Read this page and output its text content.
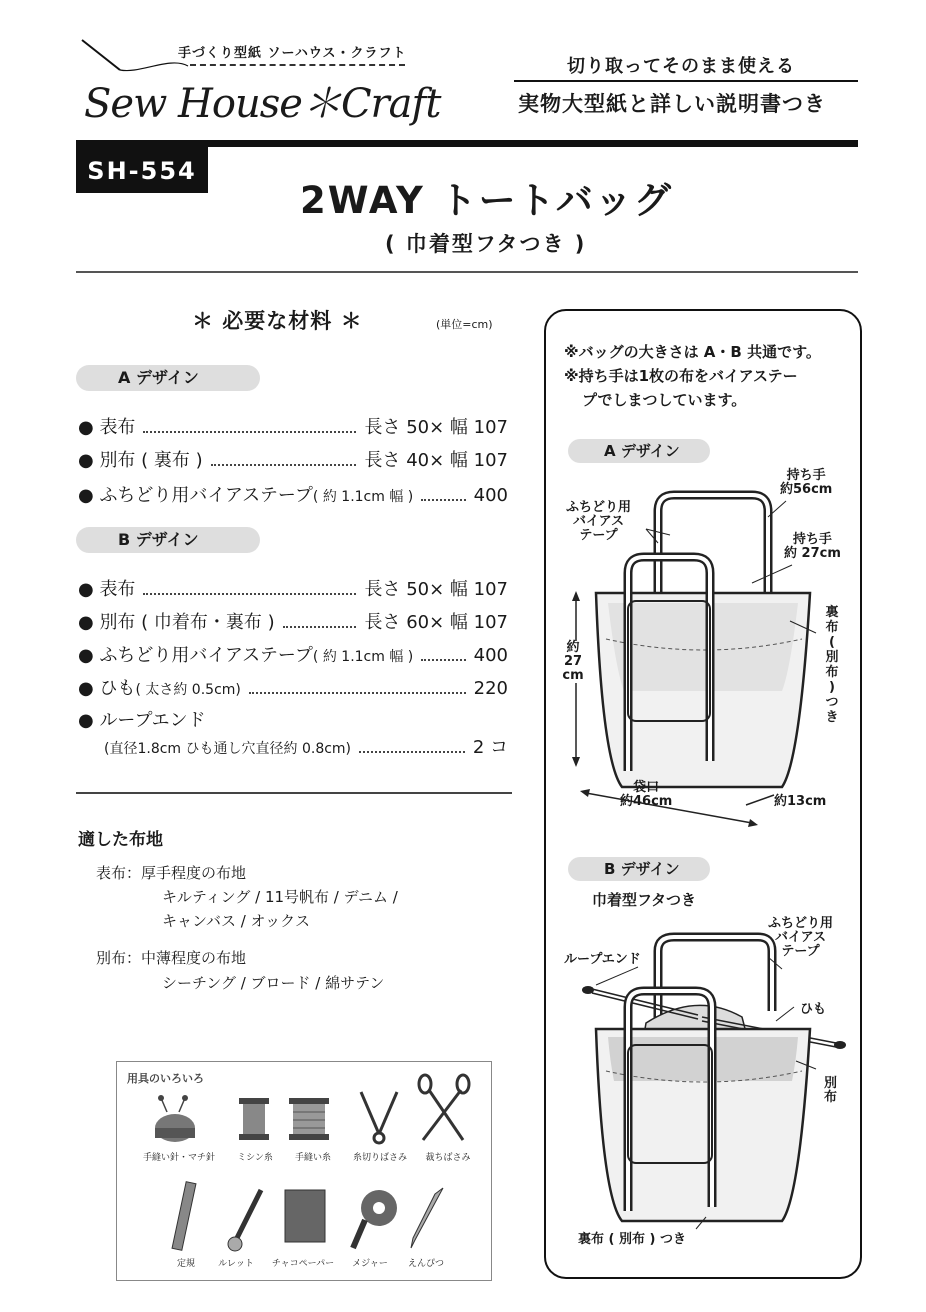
手づくり型紙 ソーハウス・クラフト
Sew House＊Craft
切り取ってそのまま使える
実物大型紙と詳しい説明書つき
SH-554
2WAY トートバッグ
( 巾着型フタつき )
＊ 必要な材料 ＊	(単位=cm)
A デザイン
● 表布	長さ 50× 幅 107
● 別布 ( 裏布 )	長さ 40× 幅 107
● ふちどり用バイアステープ ( 約 1.1cm 幅 )	400
B デザイン
● 表布	長さ 50× 幅 107
● 別布 ( 巾着布・裏布 )	長さ 60× 幅 107
● ふちどり用バイアステープ ( 約 1.1cm 幅 )	400
● ひも ( 太さ約 0.5cm)	220
● ループエンド
(直径1.8cm ひも通し穴直径約 0.8cm)	2 コ
適した布地
表布：厚手程度の布地
キルティング / 11号帆布 / デニム /
キャンバス / オックス
別布：中薄程度の布地
シーチング / ブロード / 綿サテン
用具のいろいろ
手縫い針・マチ針	ミシン糸	手縫い糸	糸切りばさみ	裁ちばさみ
定規	ルレット	チャコペーパー	メジャー	えんぴつ
※バッグの大きさは A・B 共通です。
※持ち手は1枚の布をバイアステー
プでしまつしています。
A デザイン
持ち手
約56cm
ふちどり用
バイアス
テープ	持ち手
約 27cm
約
27
cm
裏
布
(
別
布
)
つ
き
袋口
約46cm	約13cm
B デザイン
巾着型フタつき
ふちどり用
バイアス
テープ
ループエンド
ひも
別
布
裏布 ( 別布 ) つき
